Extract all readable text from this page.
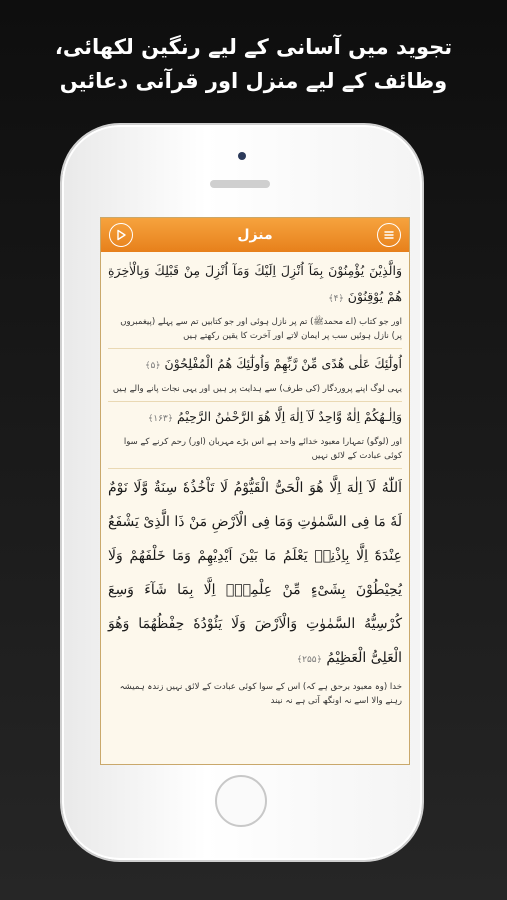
تجوید میں آسانی کے لیے رنگین لکھائی،
وظائف کے لیے منزل اور قرآنی دعائیں
منزل
وَالَّذِيْنَ يُؤْمِنُوْنَ بِمَآ اُنْزِلَ اِلَيْكَ وَمَآ اُنْزِلَ مِنْ قَبْلِكَ وَبِالْاٰخِرَةِ هُمْ يُوْقِنُوْنَ ﴿۴﴾
اور جو کتاب (اے محمدﷺ) تم پر نازل ہوئی اور جو کتابیں تم سے پہلے (پیغمبروں پر) نازل ہوئیں سب پر ایمان لاتے اور آخرت کا یقین رکھتے ہیں
اُولٰٓئِكَ عَلٰى هُدًى مِّنْ رَّبِّهِمْ وَاُولٰٓئِكَ هُمُ الْمُفْلِحُوْنَ ﴿۵﴾
یہی لوگ اپنے پروردگار (کی طرف) سے ہدایت پر ہیں اور یہی نجات پانے والے ہیں
وَاِلٰـهُكُمْ اِلٰهٌ وَّاحِدٌ لَآ اِلٰهَ اِلَّا هُوَ الرَّحْمٰنُ الرَّحِيْمُ ﴿۱۶۳﴾
اور (لوگو) تمہارا معبود خدائے واحد ہے اس بڑے مہربان (اور) رحم کرنے کے سوا کوئی عبادت کے لائق نہیں
اَللّٰهُ لَآ اِلٰهَ اِلَّا هُوَ الْحَیُّ الْقَيُّوْمُ لَا تَاْخُذُهٗ سِنَةٌ وَّلَا نَوْمٌ لَهٗ مَا فِى السَّمٰوٰتِ وَمَا فِى الْاَرْضِ مَنْ ذَا الَّذِىْ يَشْفَعُ عِنْدَهٗٓ اِلَّا بِاِذْنِهٖ يَعْلَمُ مَا بَيْنَ اَيْدِيْهِمْ وَمَا خَلْفَهُمْ وَلَا يُحِيْطُوْنَ بِشَیْءٍ مِّنْ عِلْمِهٖٓ اِلَّا بِمَا شَآءَ وَسِعَ كُرْسِيُّهُ السَّمٰوٰتِ وَالْاَرْضَ وَلَا يَئُوْدُهٗ حِفْظُهُمَا وَهُوَ الْعَلِیُّ الْعَظِيْمُ ﴿۲۵۵﴾
خدا (وہ معبود برحق ہے کہ) اس کے سوا کوئی عبادت کے لائق نہیں زندہ ہمیشہ رہنے والا اسے نہ اونگھ آتی ہے نہ نیند
